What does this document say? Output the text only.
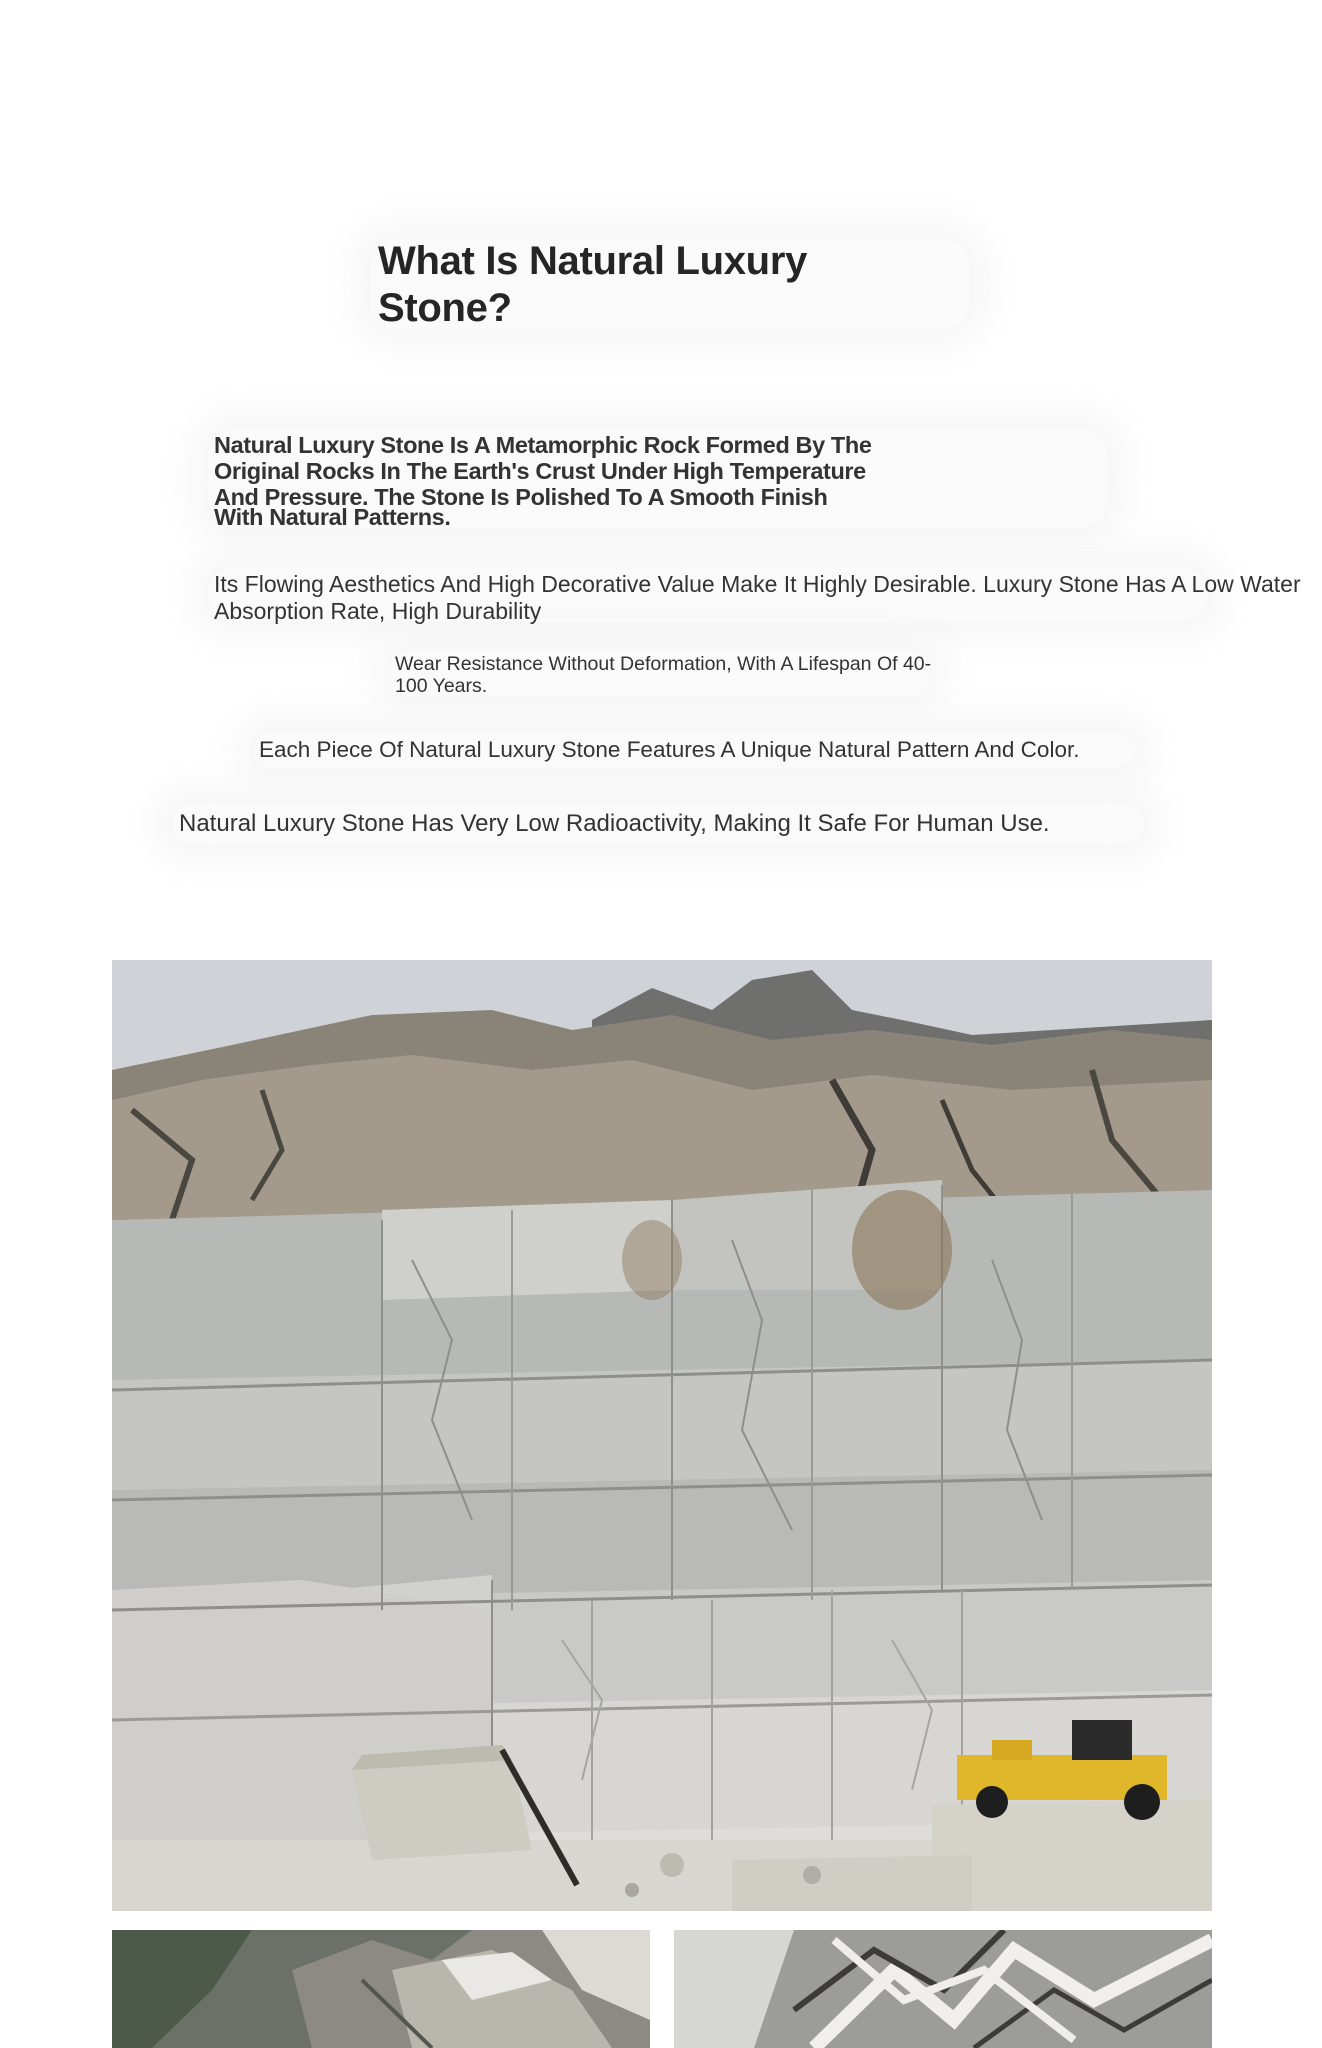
What Is Natural Luxury Stone?

Natural Luxury Stone Is A Metamorphic Rock Formed By The
Original Rocks In The Earth's Crust Under High Temperature
And Pressure. The Stone Is Polished To A Smooth Finish
With Natural Patterns.

Its Flowing Aesthetics And High Decorative Value Make It Highly Desirable. Luxury Stone Has A Low Water Absorption Rate, High Durability

Wear Resistance Without Deformation, With A Lifespan Of 40-100 Years.

Each Piece Of Natural Luxury Stone Features A Unique Natural Pattern And Color.

Natural Luxury Stone Has Very Low Radioactivity, Making It Safe For Human Use.
